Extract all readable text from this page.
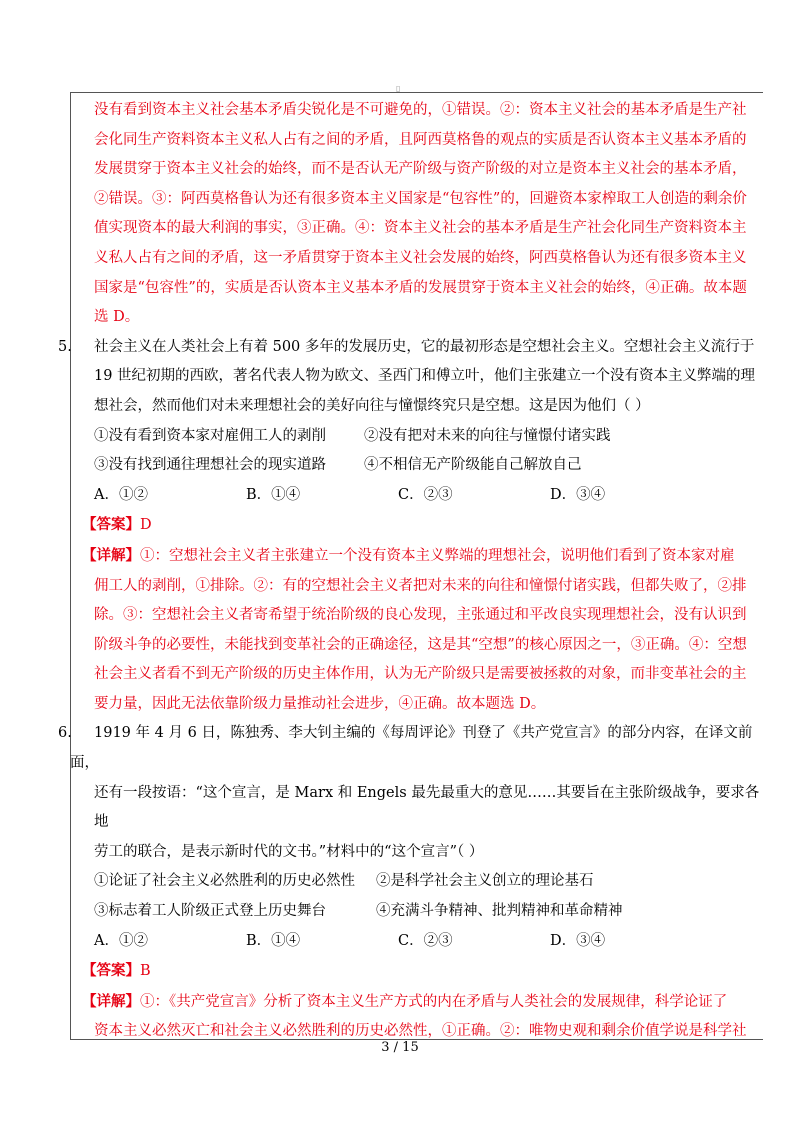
▯

没有看到资本主义社会基本矛盾尖锐化是不可避免的，①错误。②：资本主义社会的基本矛盾是生产社

会化同生产资料资本主义私人占有之间的矛盾，且阿西莫格鲁的观点的实质是否认资本主义基本矛盾的

发展贯穿于资本主义社会的始终，而不是否认无产阶级与资产阶级的对立是资本主义社会的基本矛盾，

②错误。③：阿西莫格鲁认为还有很多资本主义国家是“包容性”的，回避资本家榨取工人创造的剩余价

值实现资本的最大利润的事实，③正确。④：资本主义社会的基本矛盾是生产社会化同生产资料资本主

义私人占有之间的矛盾，这一矛盾贯穿于资本主义社会发展的始终，阿西莫格鲁认为还有很多资本主义

国家是“包容性”的，实质是否认资本主义基本矛盾的发展贯穿于资本主义社会的始终，④正确。故本题

选 D。

5. 社会主义在人类社会上有着 500 多年的发展历史，它的最初形态是空想社会主义。空想社会主义流行于

19 世纪初期的西欧，著名代表人物为欧文、圣西门和傅立叶，他们主张建立一个没有资本主义弊端的理

想社会，然而他们对未来理想社会的美好向往与憧憬终究只是空想。这是因为他们（ ）

①没有看到资本家对雇佣工人的剥削	②没有把对未来的向往与憧憬付诸实践
③没有找到通往理想社会的现实道路	④不相信无产阶级能自己解放自己
A．①②	B．①④	C．②③	D．③④

【答案】D

【详解】①：空想社会主义者主张建立一个没有资本主义弊端的理想社会，说明他们看到了资本家对雇

佣工人的剥削，①排除。②：有的空想社会主义者把对未来的向往和憧憬付诸实践，但都失败了，②排

除。③：空想社会主义者寄希望于统治阶级的良心发现，主张通过和平改良实现理想社会，没有认识到

阶级斗争的必要性，未能找到变革社会的正确途径，这是其“空想”的核心原因之一，③正确。④：空想

社会主义者看不到无产阶级的历史主体作用，认为无产阶级只是需要被拯救的对象，而非变革社会的主

要力量，因此无法依靠阶级力量推动社会进步，④正确。故本题选 D。

6. 1919 年 4 月 6 日，陈独秀、李大钊主编的《每周评论》刊登了《共产党宣言》的部分内容，在译文前面，

还有一段按语：“这个宣言，是 Marx 和 Engels 最先最重大的意见……其要旨在主张阶级战争，要求各地

劳工的联合，是表示新时代的文书。”材料中的“这个宣言”（ ）

①论证了社会主义必然胜利的历史必然性	②是科学社会主义创立的理论基石
③标志着工人阶级正式登上历史舞台	④充满斗争精神、批判精神和革命精神
A．①②	B．①④	C．②③	D．③④

【答案】B

【详解】①：《共产党宣言》分析了资本主义生产方式的内在矛盾与人类社会的发展规律，科学论证了

资本主义必然灭亡和社会主义必然胜利的历史必然性，①正确。②：唯物史观和剩余价值学说是科学社

3 / 15
